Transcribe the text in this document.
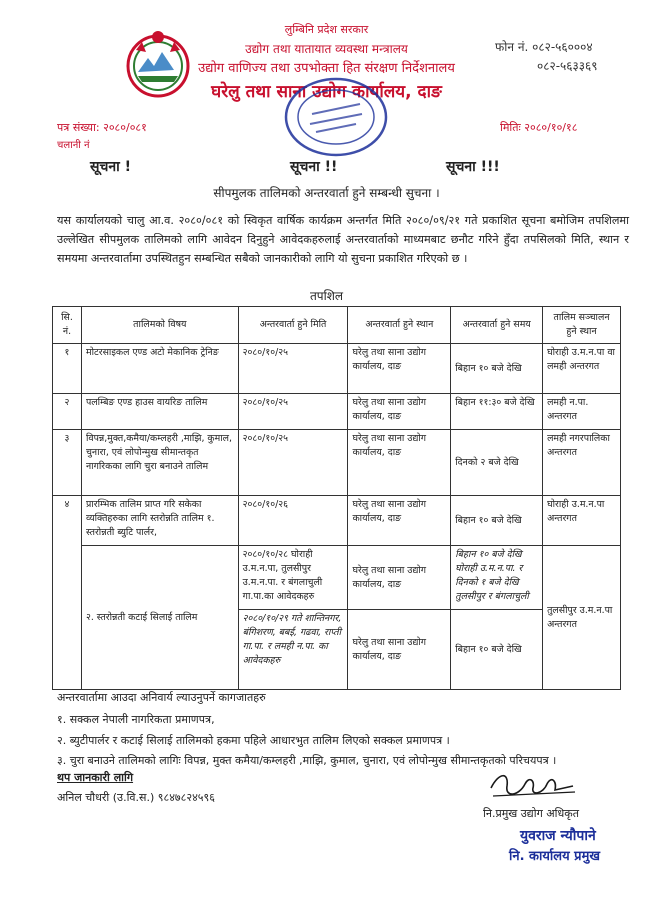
लुम्बिनि प्रदेश सरकार
उद्योग तथा यातायात व्यवस्था मन्त्रालय
उद्योग वाणिज्य तथा उपभोक्ता हित संरक्षण निर्देशनालय
घरेलु तथा साना उद्योग कार्यालय, दाङ
फोन नं. ०८२-५६०००४
०८२-५६३३६९
पत्र संख्या: २०८०/०८१
चलानी नं
मितिः २०८०/१०/१८
सूचना !	सूचना !!	सूचना !!!
सीपमुलक तालिमको अन्तरवार्ता हुने सम्बन्धी सुचना ।
यस कार्यालयको चालु आ.व. २०८०/०८१ को स्विकृत वार्षिक कार्यक्रम अन्तर्गत मिति २०८०/०९/२१ गते प्रकाशित सूचना बमोजिम तपशिलमा उल्लेखित सीपमुलक तालिमको लागि आवेदन दिनुहुने आवेदकहरुलाई अन्तरवार्ताको माध्यमबाट छनौट गरिने हुँदा तपसिलको मिति, स्थान र समयमा अन्तरवार्तामा उपस्थितहुन सम्बन्धित सबैको जानकारीको लागि यो सुचना प्रकाशित गरिएको छ ।
तपशिल
सि. नं.	तालिमको विषय	अन्तरवार्ता हुने मिति	अन्तरवार्ता हुने स्थान	अन्तरवार्ता हुने समय	तालिम सञ्चालन हुने स्थान
१	मोटरसाइकल एण्ड अटो मेकानिक ट्रेनिङ	२०८०/१०/२५	घरेलु तथा साना उद्योग कार्यालय, दाङ	बिहान १० बजे देखि	घोराही उ.म.न.पा वा लमही अन्तरगत
२	पलम्बिङ एण्ड हाउस वायरिङ तालिम	२०८०/१०/२५	घरेलु तथा साना उद्योग कार्यालय, दाङ	बिहान ११:३० बजे देखि	लमही न.पा. अन्तरगत
३	विपन्न,मुक्त,कमैया/कम्लहरी ,माझि, कुमाल, चुनारा, एवं लोपोन्मुख सीमान्तकृत नागरिकका लागि चुरा बनाउने तालिम	२०८०/१०/२५	घरेलु तथा साना उद्योग कार्यालय, दाङ	दिनको २ बजे देखि	लमही नगरपालिका अन्तरगत
४	प्रारम्भिक तालिम प्राप्त गरि सकेका व्यक्तिहरुका लागि स्तरोन्नति तालिम १. स्तरोन्नती ब्युटि पार्लर,	२०८०/१०/२६	घरेलु तथा साना उद्योग कार्यालय, दाङ	बिहान १० बजे देखि	घोराही उ.म.न.पा अन्तरगत
	२. स्तरोन्नती कटाई सिलाई तालिम	२०८०/१०/२८ घोराही उ.म.न.पा, तुलसीपुर उ.म.न.पा. र बंगलाचुली गा.पा.का आवेदकहरु	घरेलु तथा साना उद्योग कार्यालय, दाङ	बिहान १० बजे देखि घोराही उ.म.न.पा. र दिनको १ बजे देखि तुलसीपुर र बंगलाचुली	तुलसीपुर उ.म.न.पा अन्तरगत
		२०८०/१०/२९ गते शान्तिनगर, बंगिशरण, बबई, गढवा, राप्ती गा.पा. र लमही न.पा. का आवेदकहरु	घरेलु तथा साना उद्योग कार्यालय, दाङ	बिहान १० बजे देखि	
अन्तरवार्तामा आउदा अनिवार्य ल्याउनुपर्ने कागजातहरु
१. सक्कल नेपाली नागरिकता प्रमाणपत्र,
२. ब्युटीपार्लर र कटाई सिलाई तालिमको हकमा पहिले आधारभुत तालिम लिएको सक्कल प्रमाणपत्र ।
३. चुरा बनाउने तालिमको लागिः विपन्न, मुक्त कमैया/कम्लहरी ,माझि, कुमाल, चुनारा, एवं लोपोन्मुख सीमान्तकृतको परिचयपत्र ।
थप जानकारी लागि
अनिल चौधरी (उ.वि.स.) ९८४७८२४५९६
नि.प्रमुख उद्योग अधिकृत
युवराज न्यौपाने
नि. कार्यालय प्रमुख
